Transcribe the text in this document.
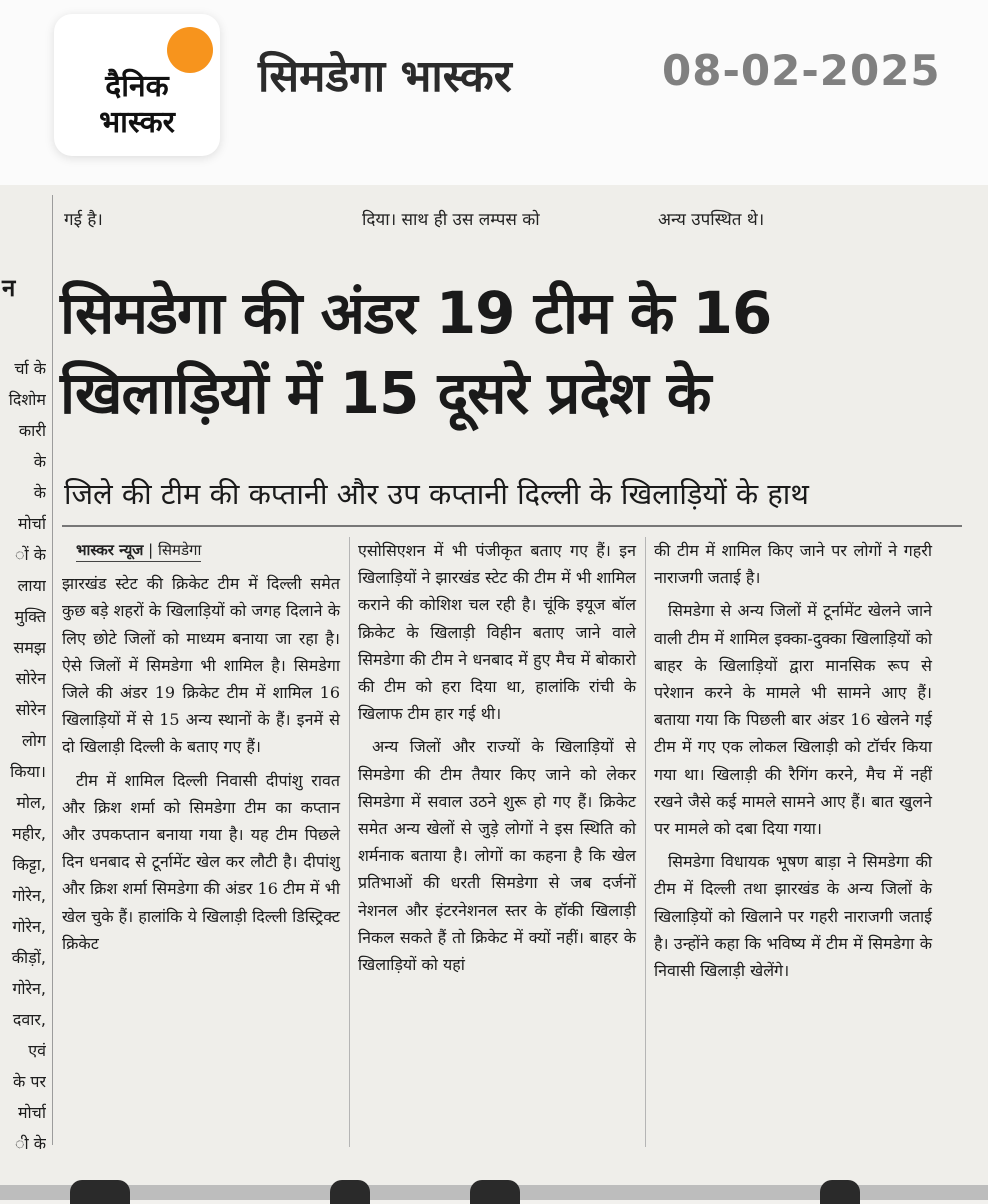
दैनिक
भास्कर
सिमडेगा भास्कर	08-02-2025
गई है।	दिया। साथ ही उस लम्पस को	अन्य उपस्थित थे।
न
र्चा के
दिशोम
कारी
के
के
मोर्चा
ों के
लाया
मुक्ति
समझ
सोरेन
सोरेन
लोग
किया।
मोल,
महीर,
किट्टा,
गोरेन,
गोरेन,
कीड़ों,
गोरेन,
दवार,
एवं
के पर
मोर्चा
ी के
सिमडेगा की अंडर 19 टीम के 16
खिलाड़ियों में 15 दूसरे प्रदेश के
जिले की टीम की कप्तानी और उप कप्तानी दिल्ली के खिलाड़ियों के हाथ

भास्कर न्यूज | सिमडेगा

झारखंड स्टेट की क्रिकेट टीम में दिल्ली समेत कुछ बड़े शहरों के खिलाड़ियों को जगह दिलाने के लिए छोटे जिलों को माध्यम बनाया जा रहा है। ऐसे जिलों में सिमडेगा भी शामिल है। सिमडेगा जिले की अंडर 19 क्रिकेट टीम में शामिल 16 खिलाड़ियों में से 15 अन्य स्थानों के हैं। इनमें से दो खिलाड़ी दिल्ली के बताए गए हैं।

टीम में शामिल दिल्ली निवासी दीपांशु रावत और क्रिश शर्मा को सिमडेगा टीम का कप्तान और उपकप्तान बनाया गया है। यह टीम पिछले दिन धनबाद से टूर्नामेंट खेल कर लौटी है। दीपांशु और क्रिश शर्मा सिमडेगा की अंडर 16 टीम में भी खेल चुके हैं। हालांकि ये खिलाड़ी दिल्ली डिस्ट्रिक्ट क्रिकेट

एसोसिएशन में भी पंजीकृत बताए गए हैं। इन खिलाड़ियों ने झारखंड स्टेट की टीम में भी शामिल कराने की कोशिश चल रही है। चूंकि इयूज बॉल क्रिकेट के खिलाड़ी विहीन बताए जाने वाले सिमडेगा की टीम ने धनबाद में हुए मैच में बोकारो की टीम को हरा दिया था, हालांकि रांची के खिलाफ टीम हार गई थी।

अन्य जिलों और राज्यों के खिलाड़ियों से सिमडेगा की टीम तैयार किए जाने को लेकर सिमडेगा में सवाल उठने शुरू हो गए हैं। क्रिकेट समेत अन्य खेलों से जुड़े लोगों ने इस स्थिति को शर्मनाक बताया है। लोगों का कहना है कि खेल प्रतिभाओं की धरती सिमडेगा से जब दर्जनों नेशनल और इंटरनेशनल स्तर के हॉकी खिलाड़ी निकल सकते हैं तो क्रिकेट में क्यों नहीं। बाहर के खिलाड़ियों को यहां

की टीम में शामिल किए जाने पर लोगों ने गहरी नाराजगी जताई है।

सिमडेगा से अन्य जिलों में टूर्नामेंट खेलने जाने वाली टीम में शामिल इक्का-दुक्का खिलाड़ियों को बाहर के खिलाड़ियों द्वारा मानसिक रूप से परेशान करने के मामले भी सामने आए हैं। बताया गया कि पिछली बार अंडर 16 खेलने गई टीम में गए एक लोकल खिलाड़ी को टॉर्चर किया गया था। खिलाड़ी की रैगिंग करने, मैच में नहीं रखने जैसे कई मामले सामने आए हैं। बात खुलने पर मामले को दबा दिया गया।

सिमडेगा विधायक भूषण बाड़ा ने सिमडेगा की टीम में दिल्ली तथा झारखंड के अन्य जिलों के खिलाड़ियों को खिलाने पर गहरी नाराजगी जताई है। उन्होंने कहा कि भविष्य में टीम में सिमडेगा के निवासी खिलाड़ी खेलेंगे।
